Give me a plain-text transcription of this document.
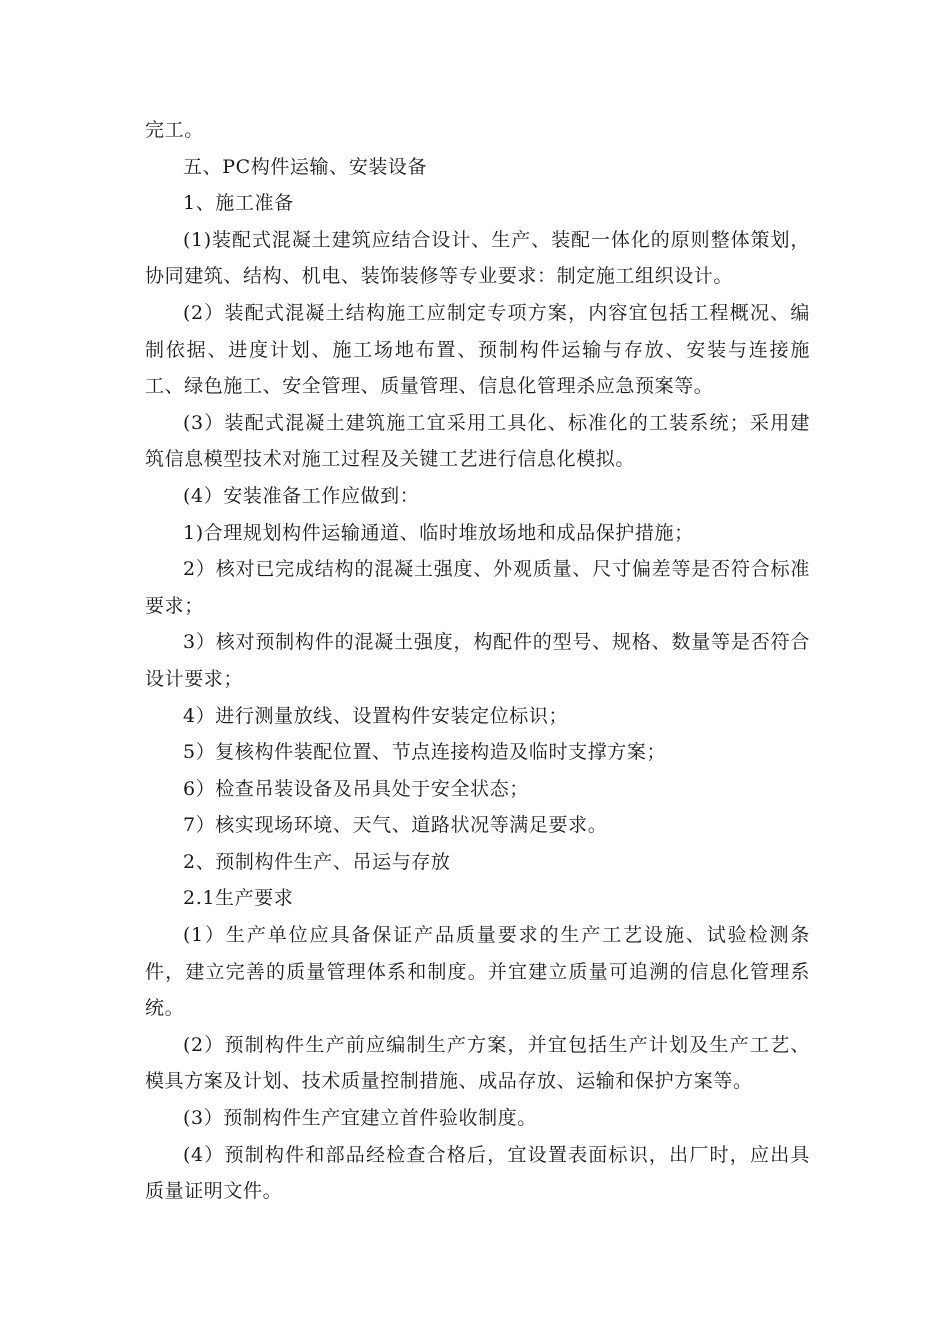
完工。

五、PC构件运输、安装设备

1、施工准备

(1)装配式混凝土建筑应结合设计、生产、装配一体化的原则整体策划，协同建筑、结构、机电、装饰装修等专业要求：制定施工组织设计。

(2）装配式混凝土结构施工应制定专项方案，内容宜包括工程概况、编制依据、进度计划、施工场地布置、预制构件运输与存放、安装与连接施工、绿色施工、安全管理、质量管理、信息化管理杀应急预案等。

(3）装配式混凝土建筑施工宜采用工具化、标准化的工装系统；采用建筑信息模型技术对施工过程及关键工艺进行信息化模拟。

(4）安装准备工作应做到：

1)合理规划构件运输通道、临时堆放场地和成品保护措施；

2）核对已完成结构的混凝土强度、外观质量、尺寸偏差等是否符合标准要求；

3）核对预制构件的混凝土强度，构配件的型号、规格、数量等是否符合设计要求；

4）进行测量放线、设置构件安装定位标识；

5）复核构件装配位置、节点连接构造及临时支撑方案；

6）检查吊装设备及吊具处于安全状态；

7）核实现场环境、天气、道路状况等满足要求。

2、预制构件生产、吊运与存放

2.1生产要求

(1）生产单位应具备保证产品质量要求的生产工艺设施、试验检测条件，建立完善的质量管理体系和制度。并宜建立质量可追溯的信息化管理系统。

(2）预制构件生产前应编制生产方案，并宜包括生产计划及生产工艺、模具方案及计划、技术质量控制措施、成品存放、运输和保护方案等。

(3）预制构件生产宜建立首件验收制度。

(4）预制构件和部品经检查合格后，宜设置表面标识，出厂时，应出具质量证明文件。
